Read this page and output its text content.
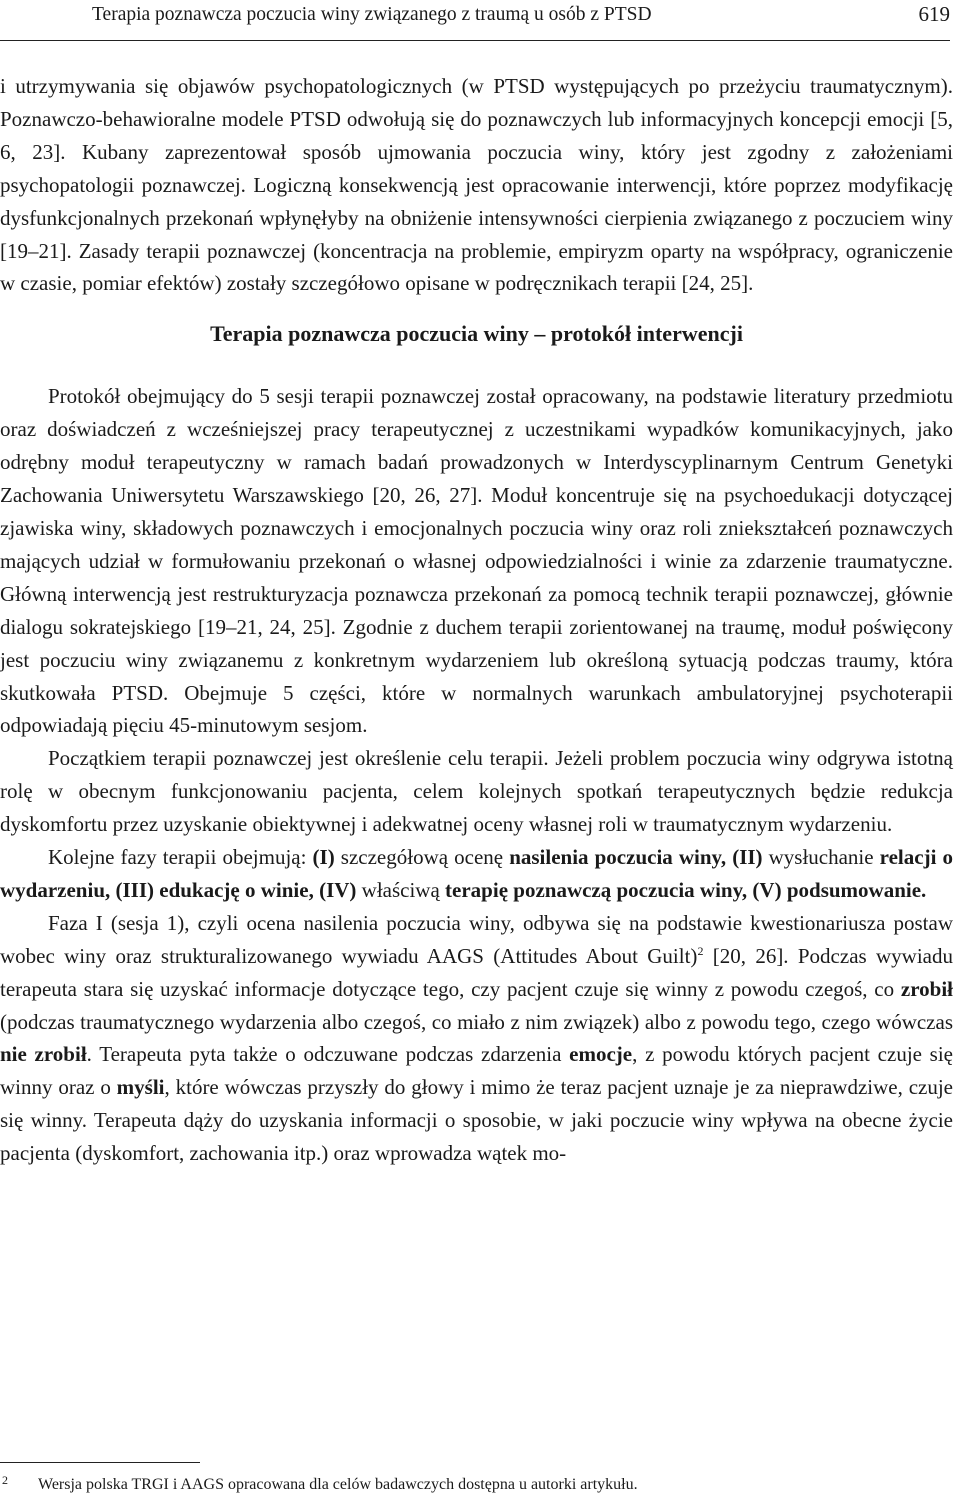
Terapia poznawcza poczucia winy związanego z traumą u osób z PTSD	619

i utrzymywania się objawów psychopatologicznych (w PTSD występujących po przeżyciu traumatycznym). Poznawczo-behawioralne modele PTSD odwołują się do poznawczych lub informacyjnych koncepcji emocji [5, 6, 23]. Kubany zaprezentował sposób ujmowania poczucia winy, który jest zgodny z założeniami psychopatologii poznawczej. Logiczną konsekwencją jest opracowanie interwencji, które poprzez modyfikację dysfunkcjonalnych przekonań wpłynęłyby na obniżenie intensywności cierpienia związanego z poczuciem winy [19–21]. Zasady terapii poznawczej (koncentracja na problemie, empiryzm oparty na współpracy, ograniczenie w czasie, pomiar efektów) zostały szczegółowo opisane w podręcznikach terapii [24, 25].

Terapia poznawcza poczucia winy – protokół interwencji

Protokół obejmujący do 5 sesji terapii poznawczej został opracowany, na podstawie literatury przedmiotu oraz doświadczeń z wcześniejszej pracy terapeutycznej z uczestnikami wypadków komunikacyjnych, jako odrębny moduł terapeutyczny w ramach badań prowadzonych w Interdyscyplinarnym Centrum Genetyki Zachowania Uniwersytetu Warszawskiego [20, 26, 27]. Moduł koncentruje się na psychoedukacji dotyczącej zjawiska winy, składowych poznawczych i emocjonalnych poczucia winy oraz roli zniekształceń poznawczych mających udział w formułowaniu przekonań o własnej odpowiedzialności i winie za zdarzenie traumatyczne. Główną interwencją jest restrukturyzacja poznawcza przekonań za pomocą technik terapii poznawczej, głównie dialogu sokratejskiego [19–21, 24, 25]. Zgodnie z duchem terapii zorientowanej na traumę, moduł poświęcony jest poczuciu winy związanemu z konkretnym wydarzeniem lub określoną sytuacją podczas traumy, która skutkowała PTSD. Obejmuje 5 części, które w normalnych warunkach ambulatoryjnej psychoterapii odpowiadają pięciu 45-minutowym sesjom.

Początkiem terapii poznawczej jest określenie celu terapii. Jeżeli problem poczucia winy odgrywa istotną rolę w obecnym funkcjonowaniu pacjenta, celem kolejnych spotkań terapeutycznych będzie redukcja dyskomfortu przez uzyskanie obiektywnej i adekwatnej oceny własnej roli w traumatycznym wydarzeniu.

Kolejne fazy terapii obejmują: (I) szczegółową ocenę nasilenia poczucia winy, (II) wysłuchanie relacji o wydarzeniu, (III) edukację o winie, (IV) właściwą terapię poznawczą poczucia winy, (V) podsumowanie.

Faza I (sesja 1), czyli ocena nasilenia poczucia winy, odbywa się na podstawie kwestionariusza postaw wobec winy oraz strukturalizowanego wywiadu AAGS (Attitudes About Guilt)$^2$ [20, 26]. Podczas wywiadu terapeuta stara się uzyskać informacje dotyczące tego, czy pacjent czuje się winny z powodu czegoś, co zrobił (podczas traumatycznego wydarzenia albo czegoś, co miało z nim związek) albo z powodu tego, czego wówczas nie zrobił. Terapeuta pyta także o odczuwane podczas zdarzenia emocje, z powodu których pacjent czuje się winny oraz o myśli, które wówczas przyszły do głowy i mimo że teraz pacjent uznaje je za nieprawdziwe, czuje się winny. Terapeuta dąży do uzyskania informacji o sposobie, w jaki poczucie winy wpływa na obecne życie pacjenta (dyskomfort, zachowania itp.) oraz wprowadza wątek mo-

2 Wersja polska TRGI i AAGS opracowana dla celów badawczych dostępna u autorki artykułu.
